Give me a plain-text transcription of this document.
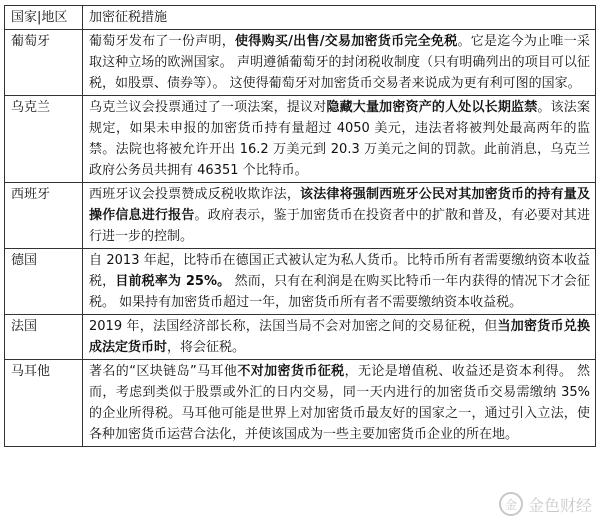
国家|地区	加密征税措施
葡萄牙	葡萄牙发布了一份声明，使得购买/出售/交易加密货币完全免税。它是迄今为止唯一采取这种立场的欧洲国家。 声明遵循葡萄牙的封闭税收制度（只有明确列出的项目可以征税，如股票、债券等）。 这使得葡萄牙对加密货币交易者来说成为更有利可图的国家。
乌克兰	乌克兰议会投票通过了一项法案，提议对隐藏大量加密资产的人处以长期监禁。该法案规定，如果未申报的加密货币持有量超过 4050 美元，违法者将被判处最高两年的监禁。法院也将被允许开出 16.2 万美元到 20.3 万美元之间的罚款。此前消息，乌克兰政府公务员共拥有 46351 个比特币。
西班牙	西班牙议会投票赞成反税收欺诈法，该法律将强制西班牙公民对其加密货币的持有量及操作信息进行报告。政府表示，鉴于加密货币在投资者中的扩散和普及，有必要对其进行进一步的控制。
德国	自 2013 年起，比特币在德国正式被认定为私人货币。比特币所有者需要缴纳资本收益税，目前税率为 25%。 然而，只有在利润是在购买比特币一年内获得的情况下才会征税。 如果持有加密货币超过一年，加密货币所有者不需要缴纳资本收益税。
法国	2019 年，法国经济部长称，法国当局不会对加密之间的交易征税，但当加密货币兑换成法定货币时，将会征税。
马耳他	著名的“区块链岛”马耳他不对加密货币征税，无论是增值税、收益还是资本利得。 然而，考虑到类似于股票或外汇的日内交易，同一天内进行的加密货币交易需缴纳 35%的企业所得税。马耳他可能是世界上对加密货币最友好的国家之一，通过引入立法，使各种加密货币运营合法化，并使该国成为一些主要加密货币企业的所在地。
金 金色财经
